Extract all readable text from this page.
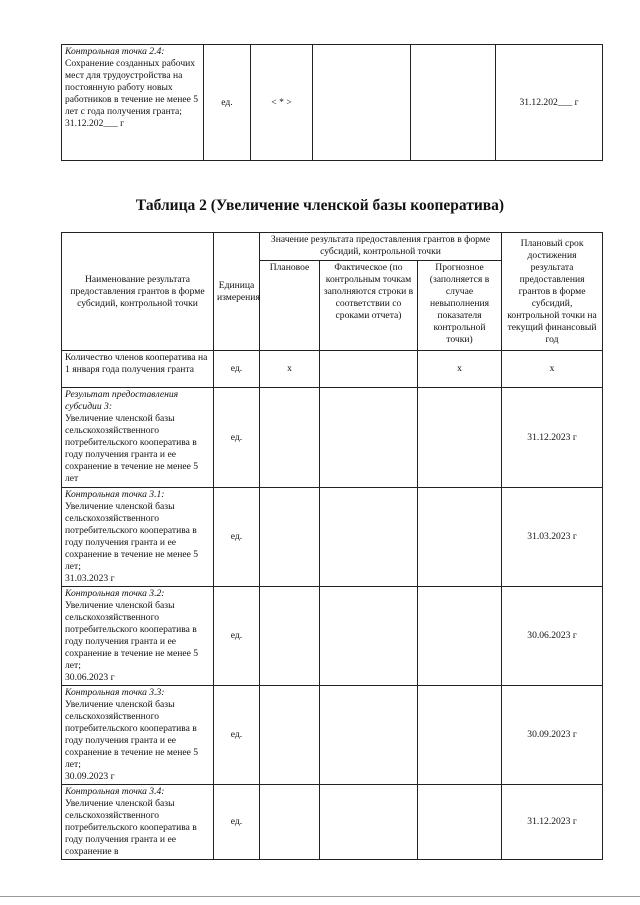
Контрольная точка 2.4:
Сохранение созданных рабочих мест для трудоустройства на постоянную работу новых работников в течение не менее 5 лет с года получения гранта;
31.12.202___ г
	ед.	< * >			31.12.202___ г
Таблица 2 (Увеличение членской базы кооператива)
Наименование результата предоставления грантов в форме субсидий, контрольной точки	Единица измерения	Значение результата предоставления грантов в форме субсидий, контрольной точки			Плановый срок достижения результата предоставления грантов в форме субсидий, контрольной точки на текущий финансовый год
		Плановое	Фактическое (по контрольным точкам заполняются строки в соответствии со сроками отчета)	Прогнозное (заполняется в случае невыполнения показателя контрольной точки)	

Количество членов кооператива на 1 января года получения гранта	ед.	х		х	х

Результат предоставления субсидии 3:
Увеличение членской базы сельскохозяйственного потребительского кооператива в году получения гранта и ее сохранение в течение не менее 5 лет	ед.				31.12.2023 г

Контрольная точка 3.1:
Увеличение членской базы сельскохозяйственного потребительского кооператива в году получения гранта и ее сохранение в течение не менее 5 лет;
31.03.2023 г	ед.				31.03.2023 г

Контрольная точка 3.2:
Увеличение членской базы сельскохозяйственного потребительского кооператива в году получения гранта и ее сохранение в течение не менее 5 лет;
30.06.2023 г	ед.				30.06.2023 г

Контрольная точка 3.3:
Увеличение членской базы сельскохозяйственного потребительского кооператива в году получения гранта и ее сохранение в течение не менее 5 лет;
30.09.2023 г	ед.				30.09.2023 г

Контрольная точка 3.4:
Увеличение членской базы сельскохозяйственного потребительского кооператива в году получения гранта и ее сохранение в	ед.				31.12.2023 г
